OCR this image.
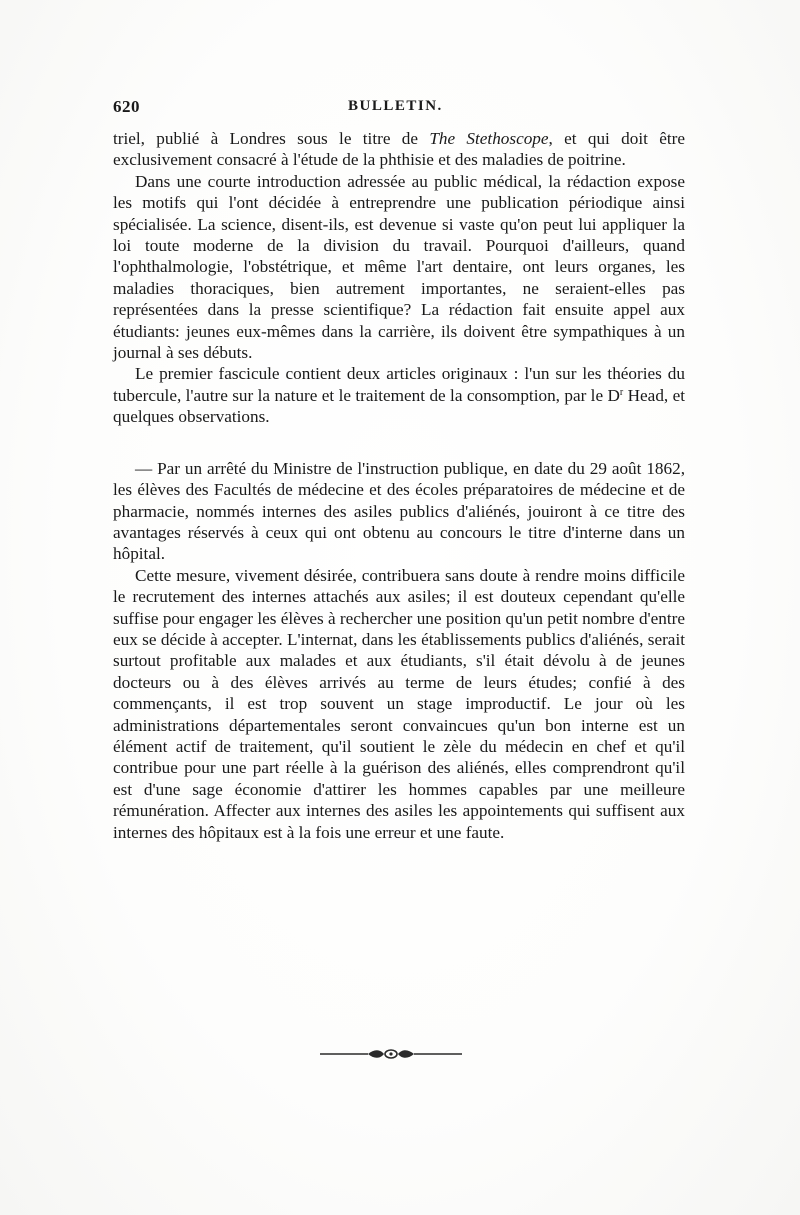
620	BULLETIN.

triel, publié à Londres sous le titre de The Stethoscope, et qui doit être exclusivement consacré à l'étude de la phthisie et des maladies de poitrine.

Dans une courte introduction adressée au public médical, la rédaction expose les motifs qui l'ont décidée à entreprendre une publication périodique ainsi spécialisée. La science, disent-ils, est devenue si vaste qu'on peut lui appliquer la loi toute moderne de la division du travail. Pourquoi d'ailleurs, quand l'ophthalmologie, l'obstétrique, et même l'art dentaire, ont leurs organes, les maladies thoraciques, bien autrement importantes, ne seraient-elles pas représentées dans la presse scientifique? La rédaction fait ensuite appel aux étudiants: jeunes eux-mêmes dans la carrière, ils doivent être sympathiques à un journal à ses débuts.

Le premier fascicule contient deux articles originaux : l'un sur les théories du tubercule, l'autre sur la nature et le traitement de la consomption, par le $D^r$ Head, et quelques observations.

— Par un arrêté du Ministre de l'instruction publique, en date du 29 août 1862, les élèves des Facultés de médecine et des écoles préparatoires de médecine et de pharmacie, nommés internes des asiles publics d'aliénés, jouiront à ce titre des avantages réservés à ceux qui ont obtenu au concours le titre d'interne dans un hôpital.

Cette mesure, vivement désirée, contribuera sans doute à rendre moins difficile le recrutement des internes attachés aux asiles; il est douteux cependant qu'elle suffise pour engager les élèves à rechercher une position qu'un petit nombre d'entre eux se décide à accepter. L'internat, dans les établissements publics d'aliénés, serait surtout profitable aux malades et aux étudiants, s'il était dévolu à de jeunes docteurs ou à des élèves arrivés au terme de leurs études; confié à des commençants, il est trop souvent un stage improductif. Le jour où les administrations départementales seront convaincues qu'un bon interne est un élément actif de traitement, qu'il soutient le zèle du médecin en chef et qu'il contribue pour une part réelle à la guérison des aliénés, elles comprendront qu'il est d'une sage économie d'attirer les hommes capables par une meilleure rémunération. Affecter aux internes des asiles les appointements qui suffisent aux internes des hôpitaux est à la fois une erreur et une faute.
